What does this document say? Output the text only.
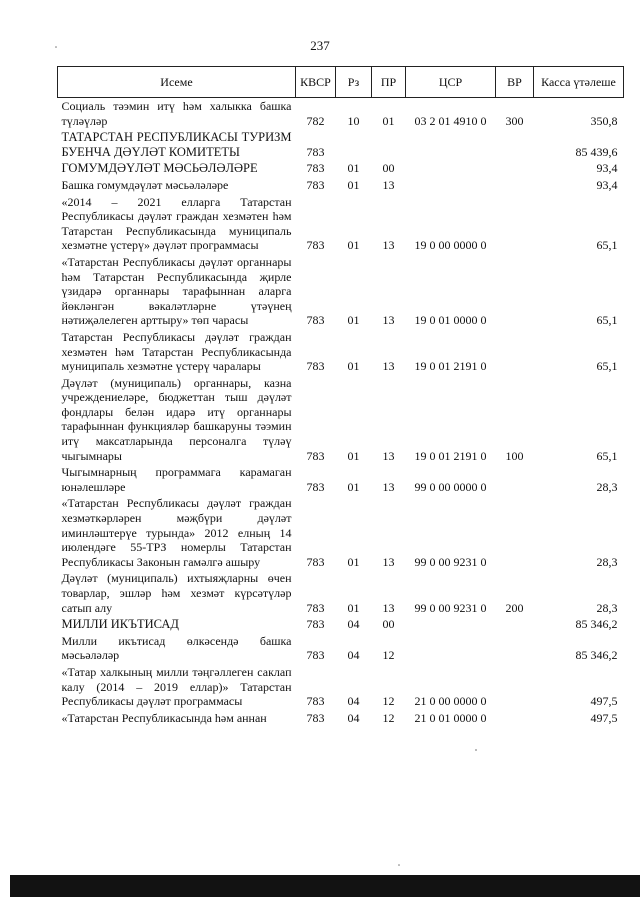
237
Исеме	КВСР	Рз	ПР	ЦСР	ВР	Касса үтәлеше
Социаль тәэмин итү һәм халыкка башка түләүләр	782	10	01	03 2 01 4910 0	300	350,8
ТАТАРСТАН РЕСПУБЛИКАСЫ ТУРИЗМ БУЕНЧА ДӘҮЛӘТ КОМИТЕТЫ	783					85 439,6
ГОМУМДӘҮЛӘТ МӘСЬӘЛӘЛӘРЕ	783	01	00			93,4
Башка гомумдәүләт мәсьәләләре	783	01	13			93,4
«2014 – 2021 елларга Татарстан Республикасы дәүләт граждан хезмәтен һәм Татарстан Республикасында муниципаль хезмәтне үстерү» дәүләт программасы	783	01	13	19 0 00 0000 0		65,1
«Татарстан Республикасы дәүләт органнары һәм Татарстан Республикасында җирле үзидарә органнары тарафыннан аларга йөкләнгән вәкаләтләрне үтәүнең нәтиҗәлелеген арттыру» төп чарасы	783	01	13	19 0 01 0000 0		65,1
Татарстан Республикасы дәүләт граждан хезмәтен һәм Татарстан Республикасында муниципаль хезмәтне үстерү чаралары	783	01	13	19 0 01 2191 0		65,1
Дәүләт (муниципаль) органнары, казна учреждениеләре, бюджеттан тыш дәүләт фондлары белән идарә итү органнары тарафыннан функцияләр башкаруны тәэмин итү максатларында персоналга түләү чыгымнары	783	01	13	19 0 01 2191 0	100	65,1
Чыгымнарның программага карамаган юнәлешләре	783	01	13	99 0 00 0000 0		28,3
«Татарстан Республикасы дәүләт граждан хезмәткәрләрен мәҗбүри дәүләт иминләштерүе турында» 2012 елның 14 июлендәге 55-ТРЗ номерлы Татарстан Республикасы Законын гамәлгә ашыру	783	01	13	99 0 00 9231 0		28,3
Дәүләт (муниципаль) ихтыяҗларны өчен товарлар, эшләр һәм хезмәт күрсәтүләр сатып алу	783	01	13	99 0 00 9231 0	200	28,3
МИЛЛИ ИКЪТИСАД	783	04	00			85 346,2
Милли икътисад өлкәсендә башка мәсьәләләр	783	04	12			85 346,2
«Татар халкының милли тәңгәллеген саклап калу (2014 – 2019 еллар)» Татарстан Республикасы дәүләт программасы	783	04	12	21 0 00 0000 0		497,5
«Татарстан Республикасында һәм аннан	783	04	12	21 0 01 0000 0		497,5
